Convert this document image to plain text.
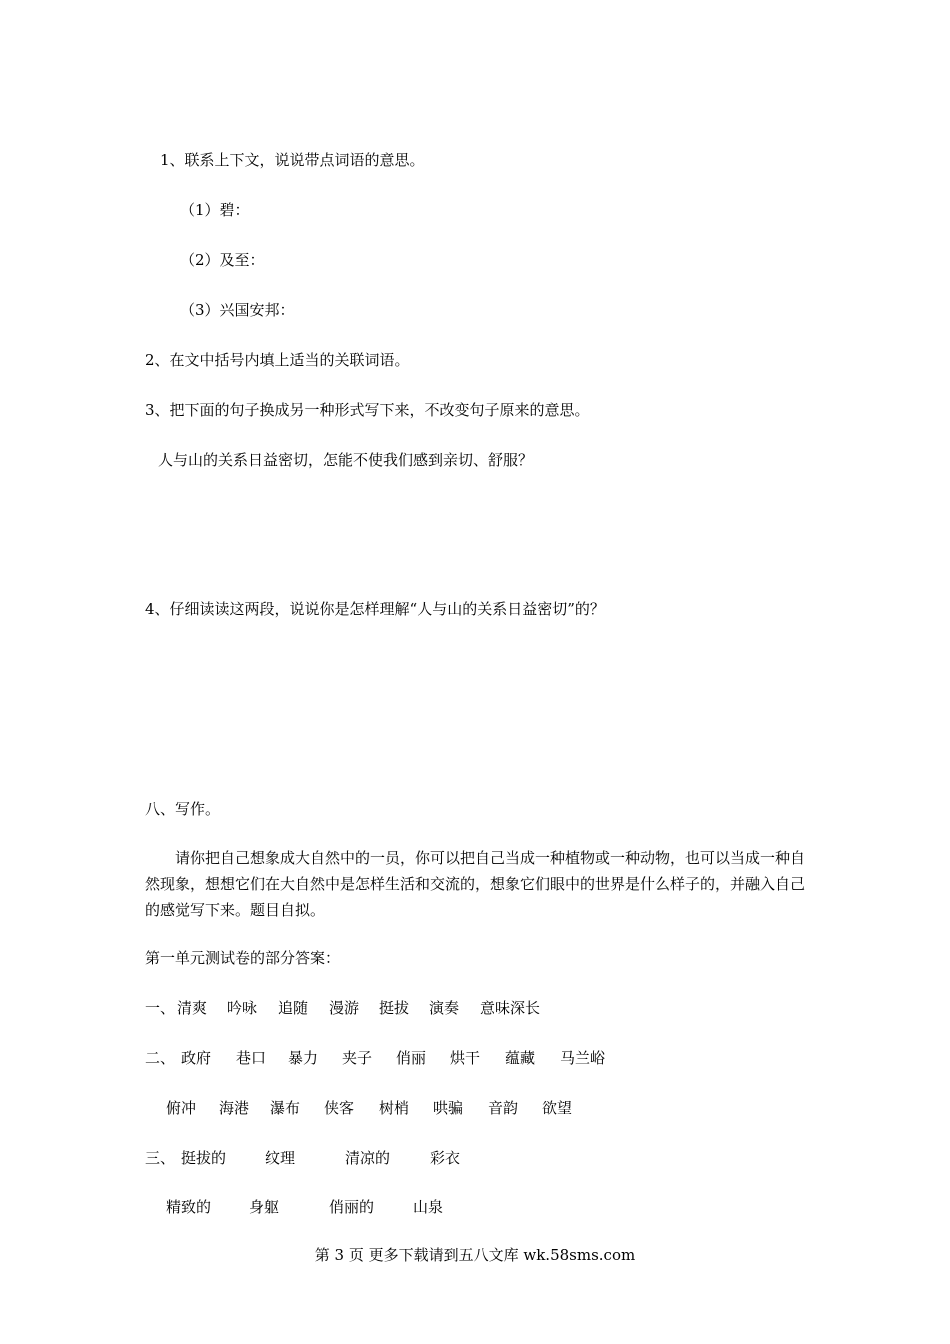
1、联系上下文，说说带点词语的意思。
（1）碧：
（2）及至：
（3）兴国安邦：
2、在文中括号内填上适当的关联词语。
3、把下面的句子换成另一种形式写下来，不改变句子原来的意思。
人与山的关系日益密切，怎能不使我们感到亲切、舒服？
4、仔细读读这两段，说说你是怎样理解“人与山的关系日益密切”的？
八、写作。
请你把自己想象成大自然中的一员，你可以把自己当成一种植物或一种动物，也可以当成一种自然现象，想想它们在大自然中是怎样生活和交流的，想象它们眼中的世界是什么样子的，并融入自己的感觉写下来。题目自拟。
第一单元测试卷的部分答案：
一、 清爽 吟咏 追随 漫游 挺拔 演奏 意味深长
二、 政府 巷口 暴力 夹子 俏丽 烘干 蕴藏 马兰峪
俯冲 海港 瀑布 侠客 树梢 哄骗 音韵 欲望
三、 挺拔的	纹理	清凉的	彩衣
精致的	身躯	俏丽的	山泉
第 3 页 更多下载请到五八文库 wk.58sms.com
